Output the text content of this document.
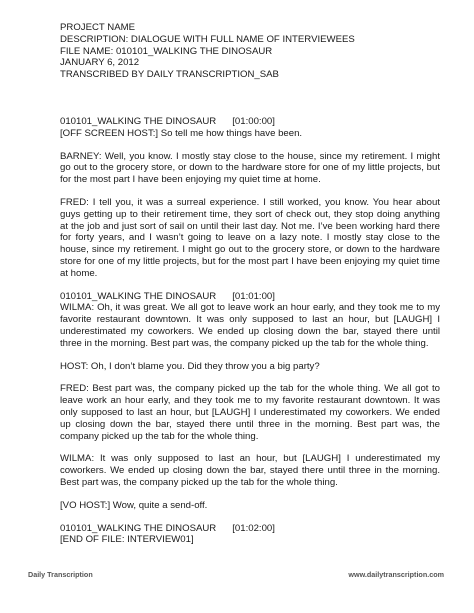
PROJECT NAME
DESCRIPTION: DIALOGUE WITH FULL NAME OF INTERVIEWEES
FILE NAME: 010101_WALKING THE DINOSAUR
JANUARY 6, 2012
TRANSCRIBED BY DAILY TRANSCRIPTION_SAB
010101_WALKING THE DINOSAUR [01:00:00]
[OFF SCREEN HOST:] So tell me how things have been.

BARNEY: Well, you know. I mostly stay close to the house, since my retirement. I might go out to the grocery store, or down to the hardware store for one of my little projects, but for the most part I have been enjoying my quiet time at home.

FRED: I tell you, it was a surreal experience. I still worked, you know. You hear about guys getting up to their retirement time, they sort of check out, they stop doing anything at the job and just sort of sail on until their last day. Not me. I’ve been working hard there for forty years, and I wasn’t going to leave on a lazy note. I mostly stay close to the house, since my retirement. I might go out to the grocery store, or down to the hardware store for one of my little projects, but for the most part I have been enjoying my quiet time at home.

010101_WALKING THE DINOSAUR [01:01:00]

WILMA: Oh, it was great. We all got to leave work an hour early, and they took me to my favorite restaurant downtown. It was only supposed to last an hour, but [LAUGH] I underestimated my coworkers. We ended up closing down the bar, stayed there until three in the morning. Best part was, the company picked up the tab for the whole thing.

HOST: Oh, I don’t blame you. Did they throw you a big party?

FRED: Best part was, the company picked up the tab for the whole thing. We all got to leave work an hour early, and they took me to my favorite restaurant downtown. It was only supposed to last an hour, but [LAUGH] I underestimated my coworkers. We ended up closing down the bar, stayed there until three in the morning. Best part was, the company picked up the tab for the whole thing.

WILMA: It was only supposed to last an hour, but [LAUGH] I underestimated my coworkers. We ended up closing down the bar, stayed there until three in the morning. Best part was, the company picked up the tab for the whole thing.

[VO HOST:] Wow, quite a send-off.

010101_WALKING THE DINOSAUR [01:02:00]
[END OF FILE: INTERVIEW01]
Daily Transcription	www.dailytranscription.com
